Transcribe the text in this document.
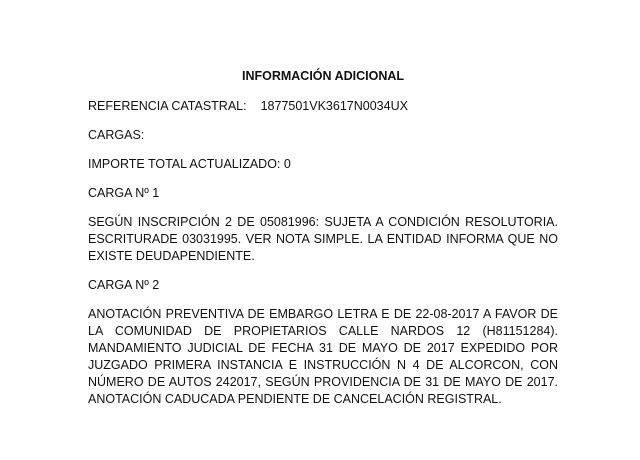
INFORMACIÓN ADICIONAL
REFERENCIA CATASTRAL: 1877501VK3617N0034UX
CARGAS:
IMPORTE TOTAL ACTUALIZADO: 0
CARGA Nº 1
SEGÚN INSCRIPCIÓN 2 DE 05081996: SUJETA A CONDICIÓN RESOLUTORIA. ESCRITURADE 03031995. VER NOTA SIMPLE. LA ENTIDAD INFORMA QUE NO EXISTE DEUDAPENDIENTE.
CARGA Nº 2
ANOTACIÓN PREVENTIVA DE EMBARGO LETRA E DE 22-08-2017 A FAVOR DE LA COMUNIDAD DE PROPIETARIOS CALLE NARDOS 12 (H81151284). MANDAMIENTO JUDICIAL DE FECHA 31 DE MAYO DE 2017 EXPEDIDO POR JUZGADO PRIMERA INSTANCIA E INSTRUCCIÓN N 4 DE ALCORCON, CON NÚMERO DE AUTOS 242017, SEGÚN PROVIDENCIA DE 31 DE MAYO DE 2017. ANOTACIÓN CADUCADA PENDIENTE DE CANCELACIÓN REGISTRAL.
